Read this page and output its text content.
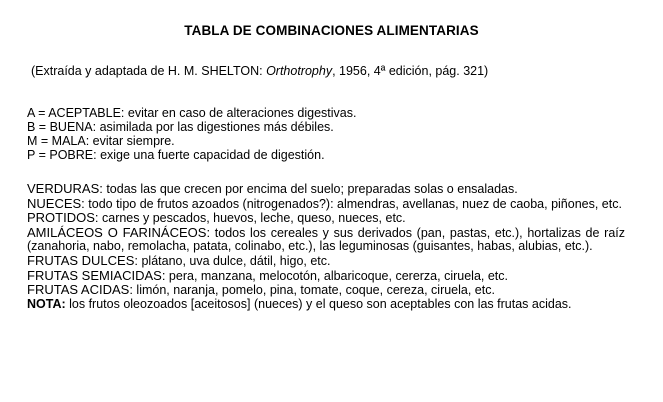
TABLA DE COMBINACIONES ALIMENTARIAS
(Extraída y adaptada de H. M. SHELTON: Orthotrophy, 1956, 4ª edición, pág. 321)
A = ACEPTABLE: evitar en caso de alteraciones digestivas.
B = BUENA: asimilada por las digestiones más débiles.
M = MALA: evitar siempre.
P = POBRE: exige una fuerte capacidad de digestión.
VERDURAS: todas las que crecen por encima del suelo; preparadas solas o ensaladas.
NUECES: todo tipo de frutos azoados (nitrogenados?): almendras, avellanas, nuez de caoba, piñones, etc.
PROTIDOS: carnes y pescados, huevos, leche, queso, nueces, etc.
AMILÁCEOS O FARINÁCEOS: todos los cereales y sus derivados (pan, pastas, etc.), hortalizas de raíz (zanahoria, nabo, remolacha, patata, colinabo, etc.), las leguminosas (guisantes, habas, alubias, etc.).
FRUTAS DULCES: plátano, uva dulce, dátil, higo, etc.
FRUTAS SEMIACIDAS: pera, manzana, melocotón, albaricoque, cererza, ciruela, etc.
FRUTAS ACIDAS: limón, naranja, pomelo, pina, tomate, coque, cereza, ciruela, etc.
NOTA: los frutos oleozoados [aceitosos] (nueces) y el queso son aceptables con las frutas acidas.
